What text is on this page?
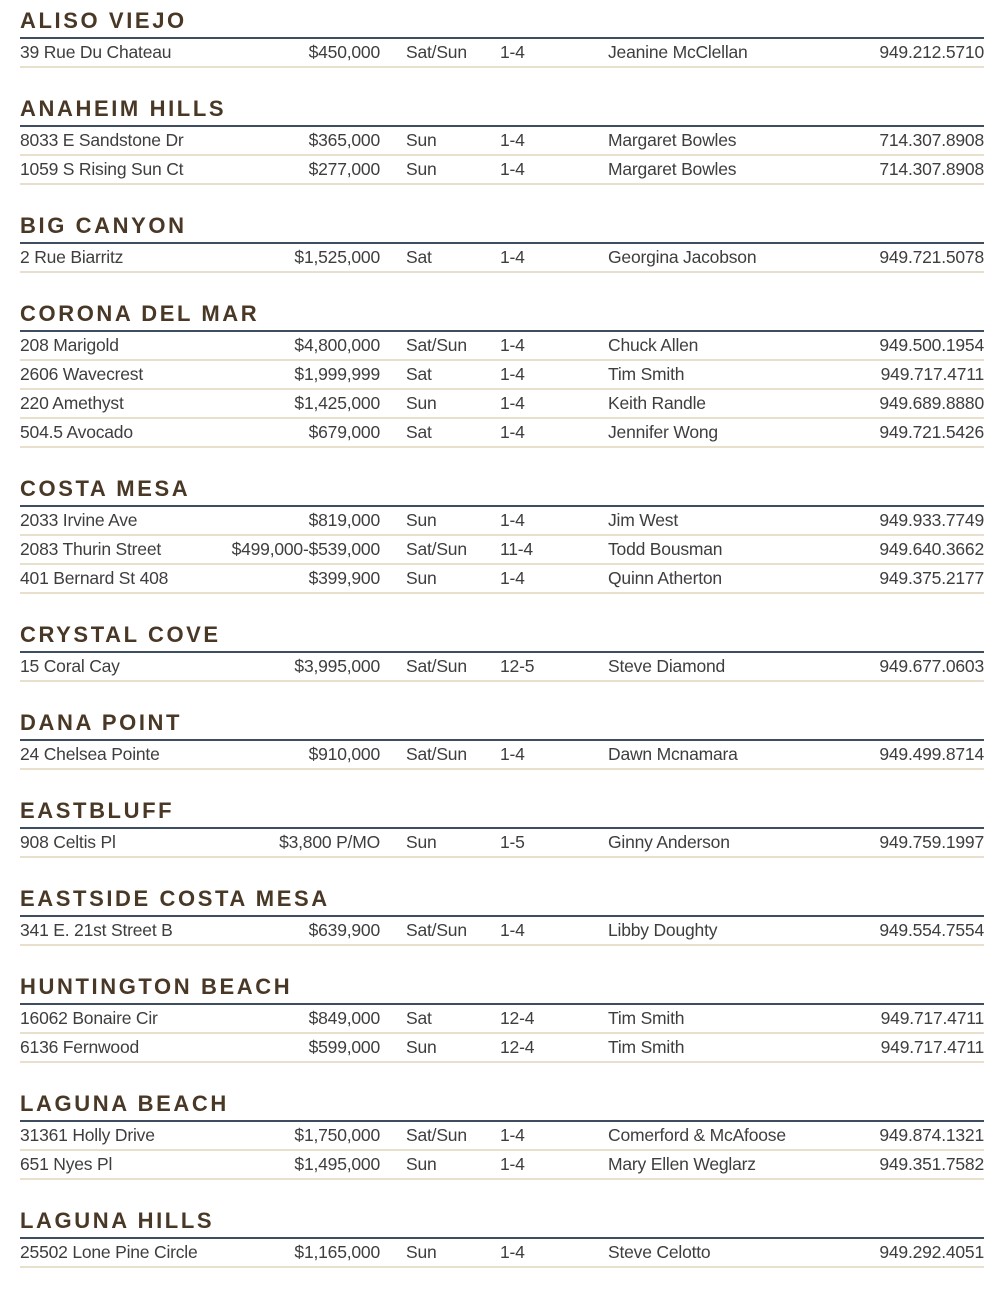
ALISO VIEJO
39 Rue Du Chateau	$450,000	Sat/Sun	1-4	Jeanine McClellan	949.212.5710
ANAHEIM HILLS
8033 E Sandstone Dr	$365,000	Sun	1-4	Margaret Bowles	714.307.8908
1059 S Rising Sun Ct	$277,000	Sun	1-4	Margaret Bowles	714.307.8908
BIG CANYON
2 Rue Biarritz	$1,525,000	Sat	1-4	Georgina Jacobson	949.721.5078
CORONA DEL MAR
208 Marigold	$4,800,000	Sat/Sun	1-4	Chuck Allen	949.500.1954
2606 Wavecrest	$1,999,999	Sat	1-4	Tim Smith	949.717.4711
220 Amethyst	$1,425,000	Sun	1-4	Keith Randle	949.689.8880
504.5 Avocado	$679,000	Sat	1-4	Jennifer Wong	949.721.5426
COSTA MESA
2033 Irvine Ave	$819,000	Sun	1-4	Jim West	949.933.7749
2083 Thurin Street	$499,000-$539,000	Sat/Sun	11-4	Todd Bousman	949.640.3662
401 Bernard St 408	$399,900	Sun	1-4	Quinn Atherton	949.375.2177
CRYSTAL COVE
15 Coral Cay	$3,995,000	Sat/Sun	12-5	Steve Diamond	949.677.0603
DANA POINT
24 Chelsea Pointe	$910,000	Sat/Sun	1-4	Dawn Mcnamara	949.499.8714
EASTBLUFF
908 Celtis Pl	$3,800 P/MO	Sun	1-5	Ginny Anderson	949.759.1997
EASTSIDE COSTA MESA
341 E. 21st Street B	$639,900	Sat/Sun	1-4	Libby Doughty	949.554.7554
HUNTINGTON BEACH
16062 Bonaire Cir	$849,000	Sat	12-4	Tim Smith	949.717.4711
6136 Fernwood	$599,000	Sun	12-4	Tim Smith	949.717.4711
LAGUNA BEACH
31361 Holly Drive	$1,750,000	Sat/Sun	1-4	Comerford & McAfoose	949.874.1321
651 Nyes Pl	$1,495,000	Sun	1-4	Mary Ellen Weglarz	949.351.7582
LAGUNA HILLS
25502 Lone Pine Circle	$1,165,000	Sun	1-4	Steve Celotto	949.292.4051
